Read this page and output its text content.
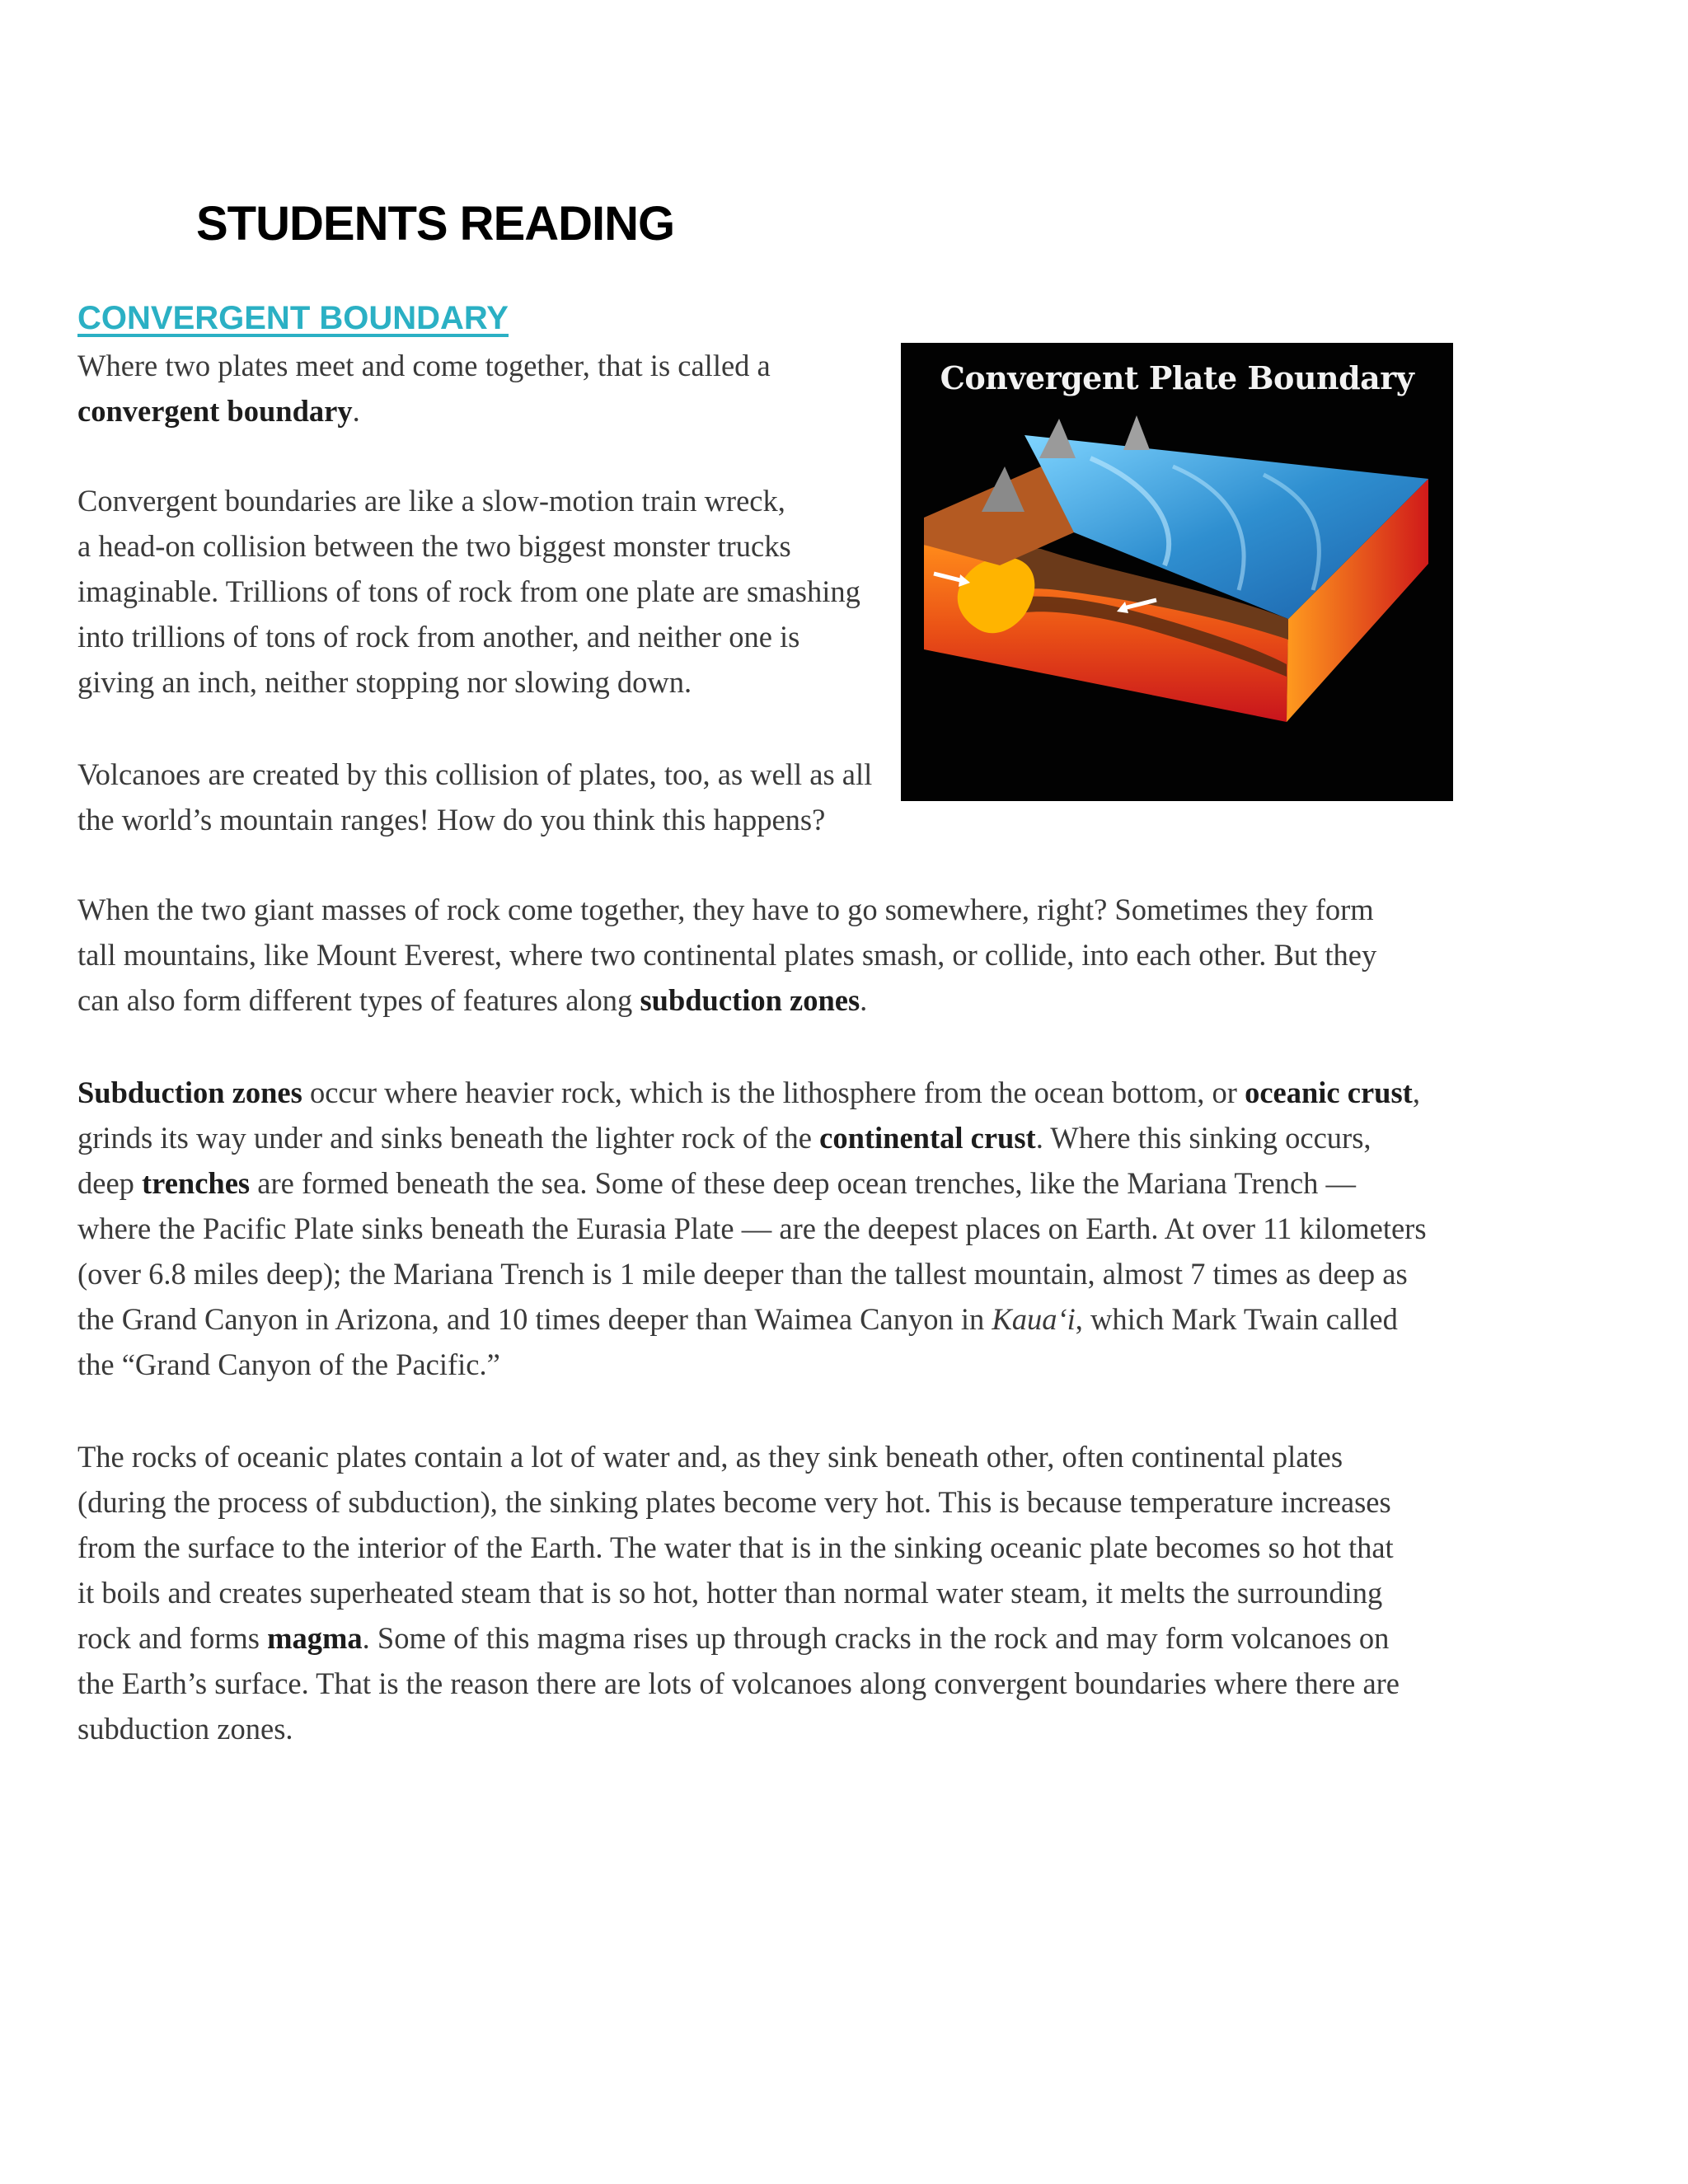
STUDENTS READING
CONVERGENT BOUNDARY

Where two plates meet and come together, that is called a
convergent boundary.

Convergent boundaries are like a slow-motion train wreck,
a head-on collision between the two biggest monster trucks
imaginable. Trillions of tons of rock from one plate are smashing
into trillions of tons of rock from another, and neither one is
giving an inch, neither stopping nor slowing down.

Volcanoes are created by this collision of plates, too, as well as all
the world’s mountain ranges! How do you think this happens?

When the two giant masses of rock come together, they have to go somewhere, right? Sometimes they form
tall mountains, like Mount Everest, where two continental plates smash, or collide, into each other. But they
can also form different types of features along subduction zones.

Subduction zones occur where heavier rock, which is the lithosphere from the ocean bottom, or oceanic crust,
grinds its way under and sinks beneath the lighter rock of the continental crust. Where this sinking occurs,
deep trenches are formed beneath the sea. Some of these deep ocean trenches, like the Mariana Trench —
where the Pacific Plate sinks beneath the Eurasia Plate — are the deepest places on Earth. At over 11 kilometers
(over 6.8 miles deep); the Mariana Trench is 1 mile deeper than the tallest mountain, almost 7 times as deep as
the Grand Canyon in Arizona, and 10 times deeper than Waimea Canyon in Kaua‘i, which Mark Twain called
the “Grand Canyon of the Pacific.”

The rocks of oceanic plates contain a lot of water and, as they sink beneath other, often continental plates
(during the process of subduction), the sinking plates become very hot. This is because temperature increases
from the surface to the interior of the Earth. The water that is in the sinking oceanic plate becomes so hot that
it boils and creates superheated steam that is so hot, hotter than normal water steam, it melts the surrounding
rock and forms magma. Some of this magma rises up through cracks in the rock and may form volcanoes on
the Earth’s surface. That is the reason there are lots of volcanoes along convergent boundaries where there are
subduction zones.

Convergent Plate Boundary
